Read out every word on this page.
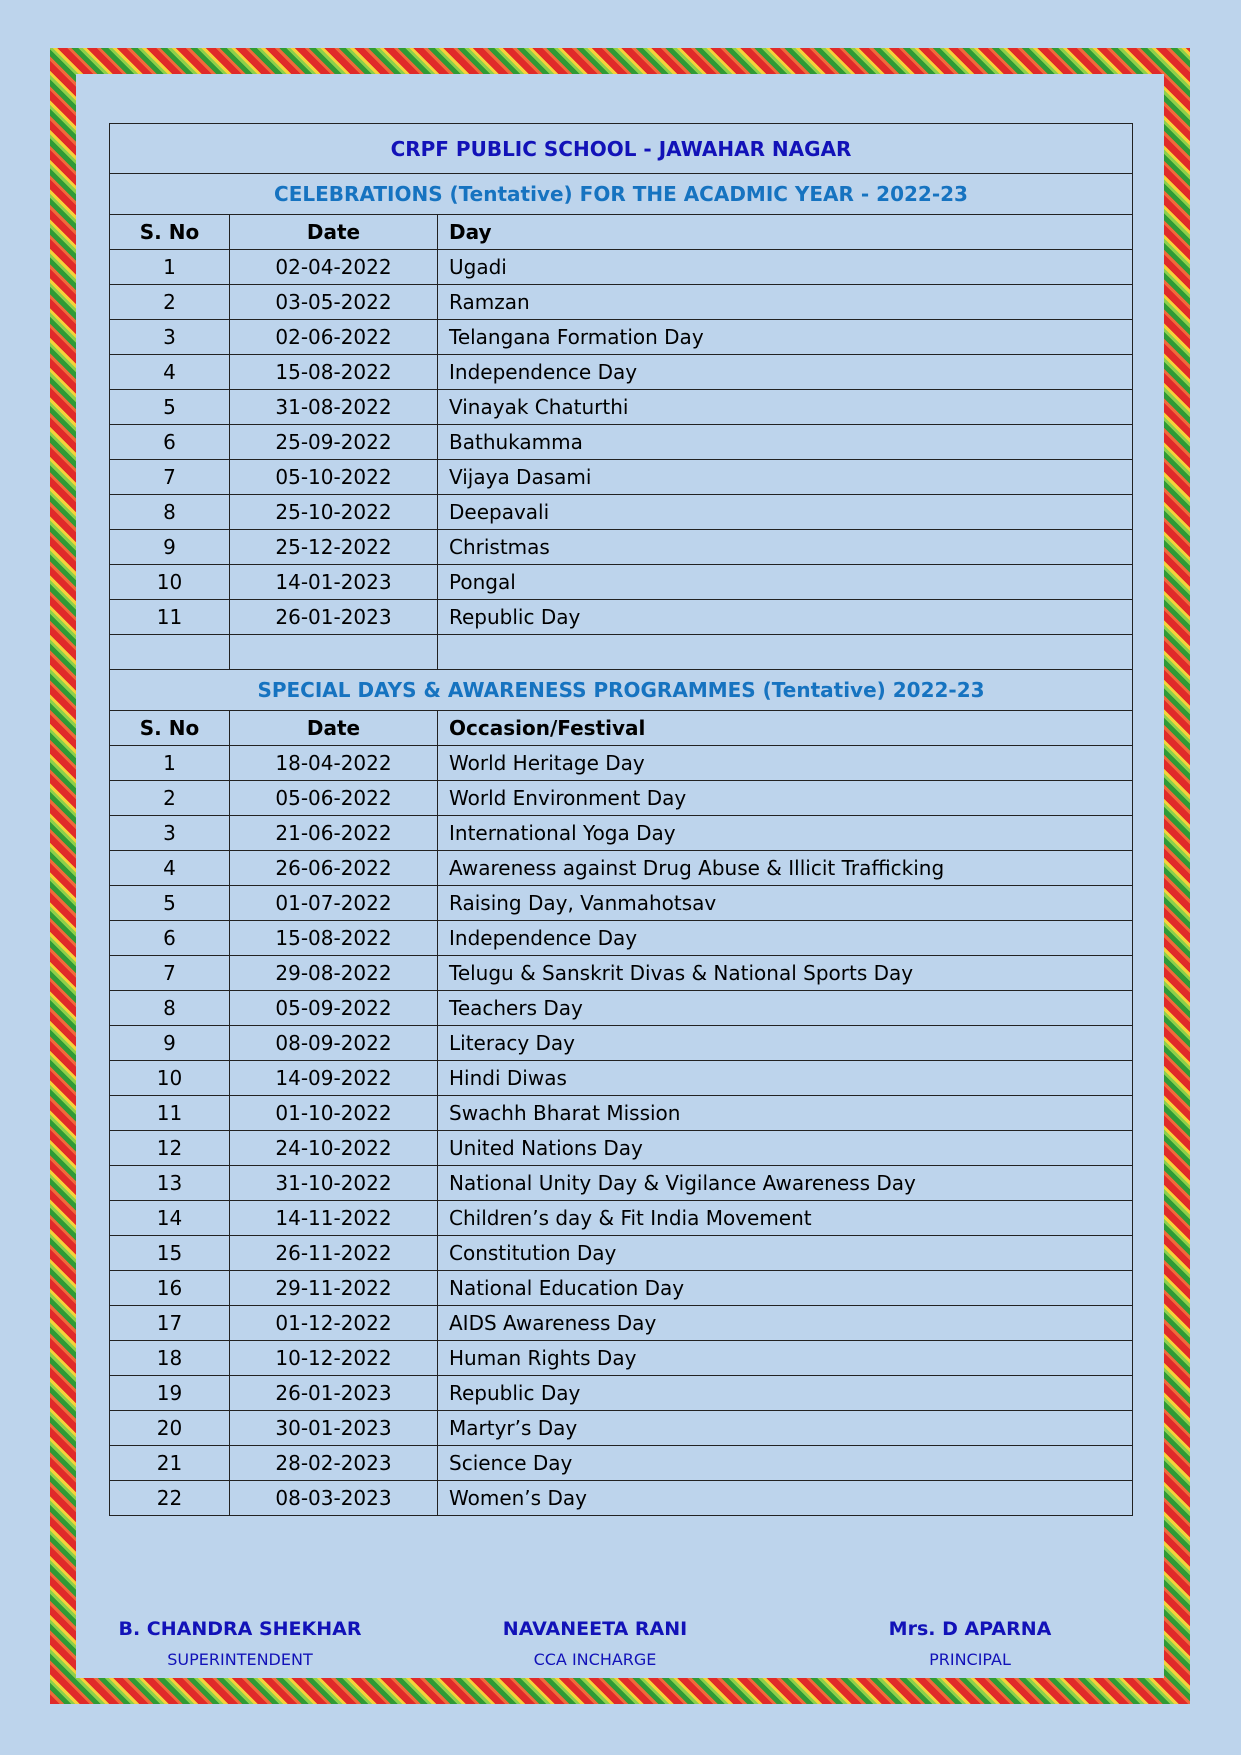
CRPF PUBLIC SCHOOL - JAWAHAR NAGAR		
CELEBRATIONS (Tentative) FOR THE ACADMIC YEAR - 2022-23		
S. No	Date	Day
1	02-04-2022	Ugadi
2	03-05-2022	Ramzan
3	02-06-2022	Telangana Formation Day
4	15-08-2022	Independence Day
5	31-08-2022	Vinayak Chaturthi
6	25-09-2022	Bathukamma
7	05-10-2022	Vijaya Dasami
8	25-10-2022	Deepavali
9	25-12-2022	Christmas
10	14-01-2023	Pongal
11	26-01-2023	Republic Day

SPECIAL DAYS & AWARENESS PROGRAMMES (Tentative) 2022-23		
S. No	Date	Occasion/Festival
1	18-04-2022	World Heritage Day
2	05-06-2022	World Environment Day
3	21-06-2022	International Yoga Day
4	26-06-2022	Awareness against Drug Abuse & Illicit Trafficking
5	01-07-2022	Raising Day, Vanmahotsav
6	15-08-2022	Independence Day
7	29-08-2022	Telugu & Sanskrit Divas & National Sports Day
8	05-09-2022	Teachers Day
9	08-09-2022	Literacy Day
10	14-09-2022	Hindi Diwas
11	01-10-2022	Swachh Bharat Mission
12	24-10-2022	United Nations Day
13	31-10-2022	National Unity Day & Vigilance Awareness Day
14	14-11-2022	Children’s day & Fit India Movement
15	26-11-2022	Constitution Day
16	29-11-2022	National Education Day
17	01-12-2022	AIDS Awareness Day
18	10-12-2022	Human Rights Day
19	26-01-2023	Republic Day
20	30-01-2023	Martyr’s Day
21	28-02-2023	Science Day
22	08-03-2023	Women’s Day
B. CHANDRA SHEKHAR
SUPERINTENDENT
NAVANEETA RANI
CCA INCHARGE
Mrs. D APARNA
PRINCIPAL
